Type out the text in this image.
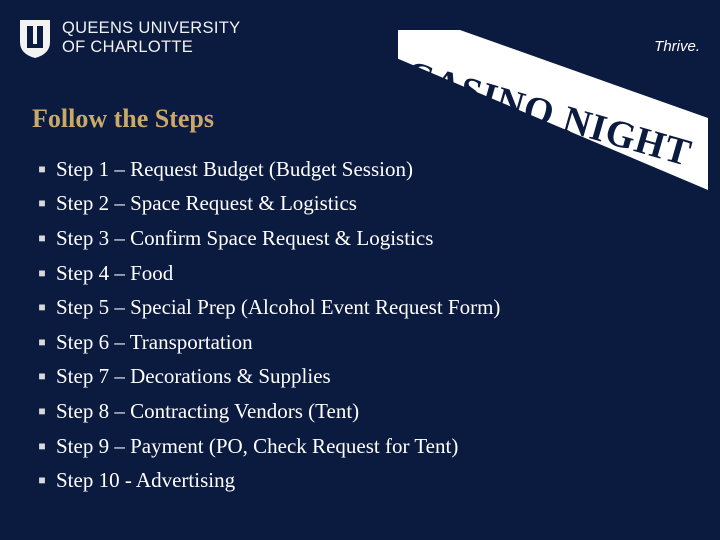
QUEENS UNIVERSITY
OF CHARLOTTE	Thrive.
CASINO NIGHT
Follow the Steps
■ Step 1 – Request Budget (Budget Session)
■ Step 2 – Space Request & Logistics
■ Step 3 – Confirm Space Request & Logistics
■ Step 4 – Food
■ Step 5 – Special Prep (Alcohol Event Request Form)
■ Step 6 – Transportation
■ Step 7 – Decorations & Supplies
■ Step 8 – Contracting Vendors (Tent)
■ Step 9 – Payment (PO, Check Request for Tent)
■ Step 10 - Advertising
